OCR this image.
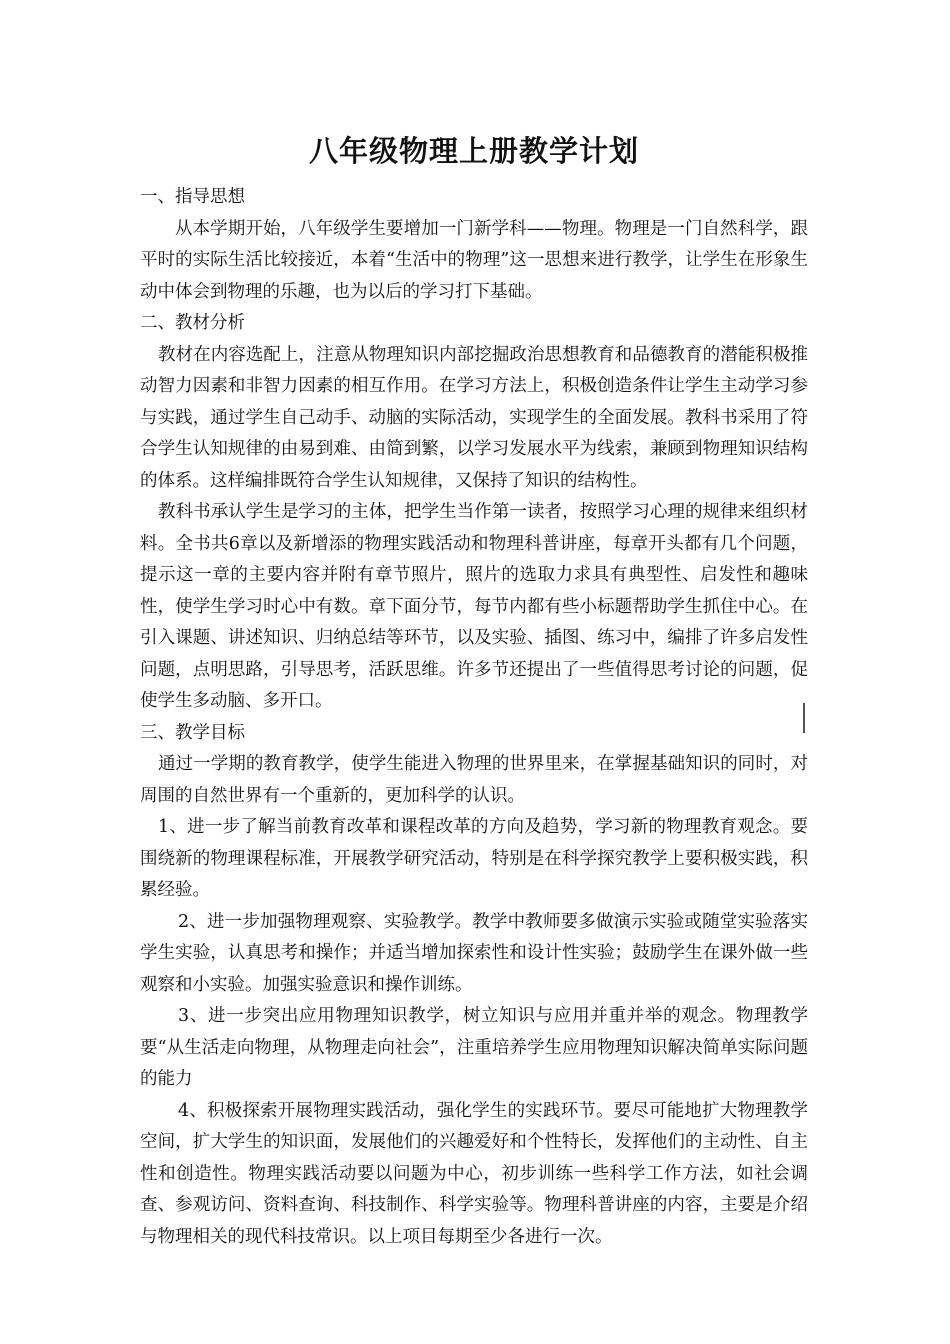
八年级物理上册教学计划

一、指导思想

从本学期开始，八年级学生要增加一门新学科——物理。物理是一门自然科学，跟平时的实际生活比较接近，本着“生活中的物理”这一思想来进行教学，让学生在形象生动中体会到物理的乐趣，也为以后的学习打下基础。

二、教材分析

教材在内容选配上，注意从物理知识内部挖掘政治思想教育和品德教育的潜能积极推动智力因素和非智力因素的相互作用。在学习方法上，积极创造条件让学生主动学习参与实践，通过学生自己动手、动脑的实际活动，实现学生的全面发展。教科书采用了符合学生认知规律的由易到难、由简到繁，以学习发展水平为线索，兼顾到物理知识结构的体系。这样编排既符合学生认知规律，又保持了知识的结构性。

教科书承认学生是学习的主体，把学生当作第一读者，按照学习心理的规律来组织材料。全书共6章以及新增添的物理实践活动和物理科普讲座，每章开头都有几个问题，提示这一章的主要内容并附有章节照片，照片的选取力求具有典型性、启发性和趣味性，使学生学习时心中有数。章下面分节，每节内都有些小标题帮助学生抓住中心。在引入课题、讲述知识、归纳总结等环节，以及实验、插图、练习中，编排了许多启发性问题，点明思路，引导思考，活跃思维。许多节还提出了一些值得思考讨论的问题，促使学生多动脑、多开口。

三、教学目标

通过一学期的教育教学，使学生能进入物理的世界里来，在掌握基础知识的同时，对周围的自然世界有一个重新的，更加科学的认识。

1、进一步了解当前教育改革和课程改革的方向及趋势，学习新的物理教育观念。要围绕新的物理课程标准，开展教学研究活动，特别是在科学探究教学上要积极实践，积累经验。

2、进一步加强物理观察、实验教学。教学中教师要多做演示实验或随堂实验落实学生实验，认真思考和操作；并适当增加探索性和设计性实验；鼓励学生在课外做一些观察和小实验。加强实验意识和操作训练。

3、进一步突出应用物理知识教学，树立知识与应用并重并举的观念。物理教学要“从生活走向物理，从物理走向社会”，注重培养学生应用物理知识解决简单实际问题的能力

4、积极探索开展物理实践活动，强化学生的实践环节。要尽可能地扩大物理教学空间，扩大学生的知识面，发展他们的兴趣爱好和个性特长，发挥他们的主动性、自主性和创造性。物理实践活动要以问题为中心，初步训练一些科学工作方法，如社会调查、参观访问、资料查询、科技制作、科学实验等。物理科普讲座的内容，主要是介绍与物理相关的现代科技常识。以上项目每期至少各进行一次。
